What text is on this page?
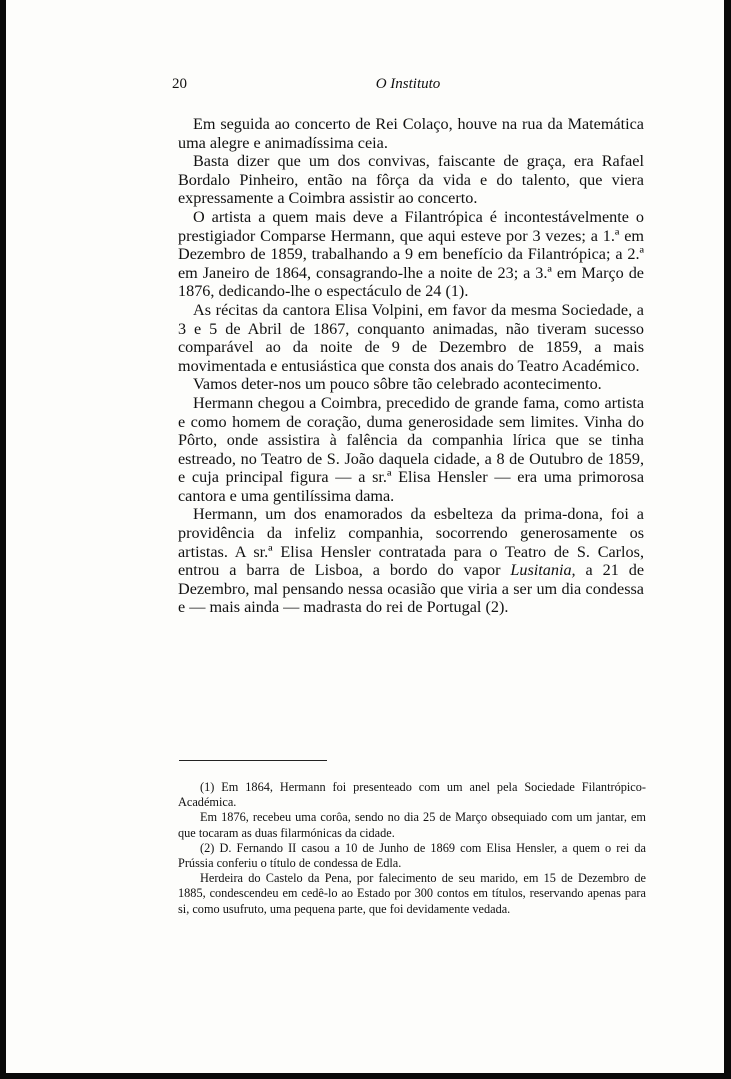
20	O Instituto

Em seguida ao concerto de Rei Colaço, houve na rua da Matemática uma alegre e animadíssima ceia.

Basta dizer que um dos convivas, faiscante de graça, era Rafael Bordalo Pinheiro, então na fôrça da vida e do talento, que viera expressamente a Coimbra assistir ao concerto.

O artista a quem mais deve a Filantrópica é incontestávelmente o prestigiador Comparse Hermann, que aqui esteve por 3 vezes; a 1.ª em Dezembro de 1859, trabalhando a 9 em benefício da Filantrópica; a 2.ª em Janeiro de 1864, consagrando-lhe a noite de 23; a 3.ª em Março de 1876, dedicando-lhe o espectáculo de 24 (1).

As récitas da cantora Elisa Volpini, em favor da mesma Sociedade, a 3 e 5 de Abril de 1867, conquanto animadas, não tiveram sucesso comparável ao da noite de 9 de Dezembro de 1859, a mais movimentada e entusiástica que consta dos anais do Teatro Académico.

Vamos deter-nos um pouco sôbre tão celebrado acontecimento.

Hermann chegou a Coimbra, precedido de grande fama, como artista e como homem de coração, duma generosidade sem limites. Vinha do Pôrto, onde assistira à falência da companhia lírica que se tinha estreado, no Teatro de S. João daquela cidade, a 8 de Outubro de 1859, e cuja principal figura — a sr.ª Elisa Hensler — era uma primorosa cantora e uma gentilíssima dama.

Hermann, um dos enamorados da esbelteza da prima-dona, foi a providência da infeliz companhia, socorrendo generosamente os artistas. A sr.ª Elisa Hensler contratada para o Teatro de S. Carlos, entrou a barra de Lisboa, a bordo do vapor Lusitania, a 21 de Dezembro, mal pensando nessa ocasião que viria a ser um dia condessa e — mais ainda — madrasta do rei de Portugal (2).

(1) Em 1864, Hermann foi presenteado com um anel pela Sociedade Filantrópico-Académica.

Em 1876, recebeu uma corôa, sendo no dia 25 de Março obsequiado com um jantar, em que tocaram as duas filarmónicas da cidade.

(2) D. Fernando II casou a 10 de Junho de 1869 com Elisa Hensler, a quem o rei da Prússia conferiu o título de condessa de Edla.

Herdeira do Castelo da Pena, por falecimento de seu marido, em 15 de Dezembro de 1885, condescendeu em cedê-lo ao Estado por 300 contos em títulos, reservando apenas para si, como usufruto, uma pequena parte, que foi devidamente vedada.
